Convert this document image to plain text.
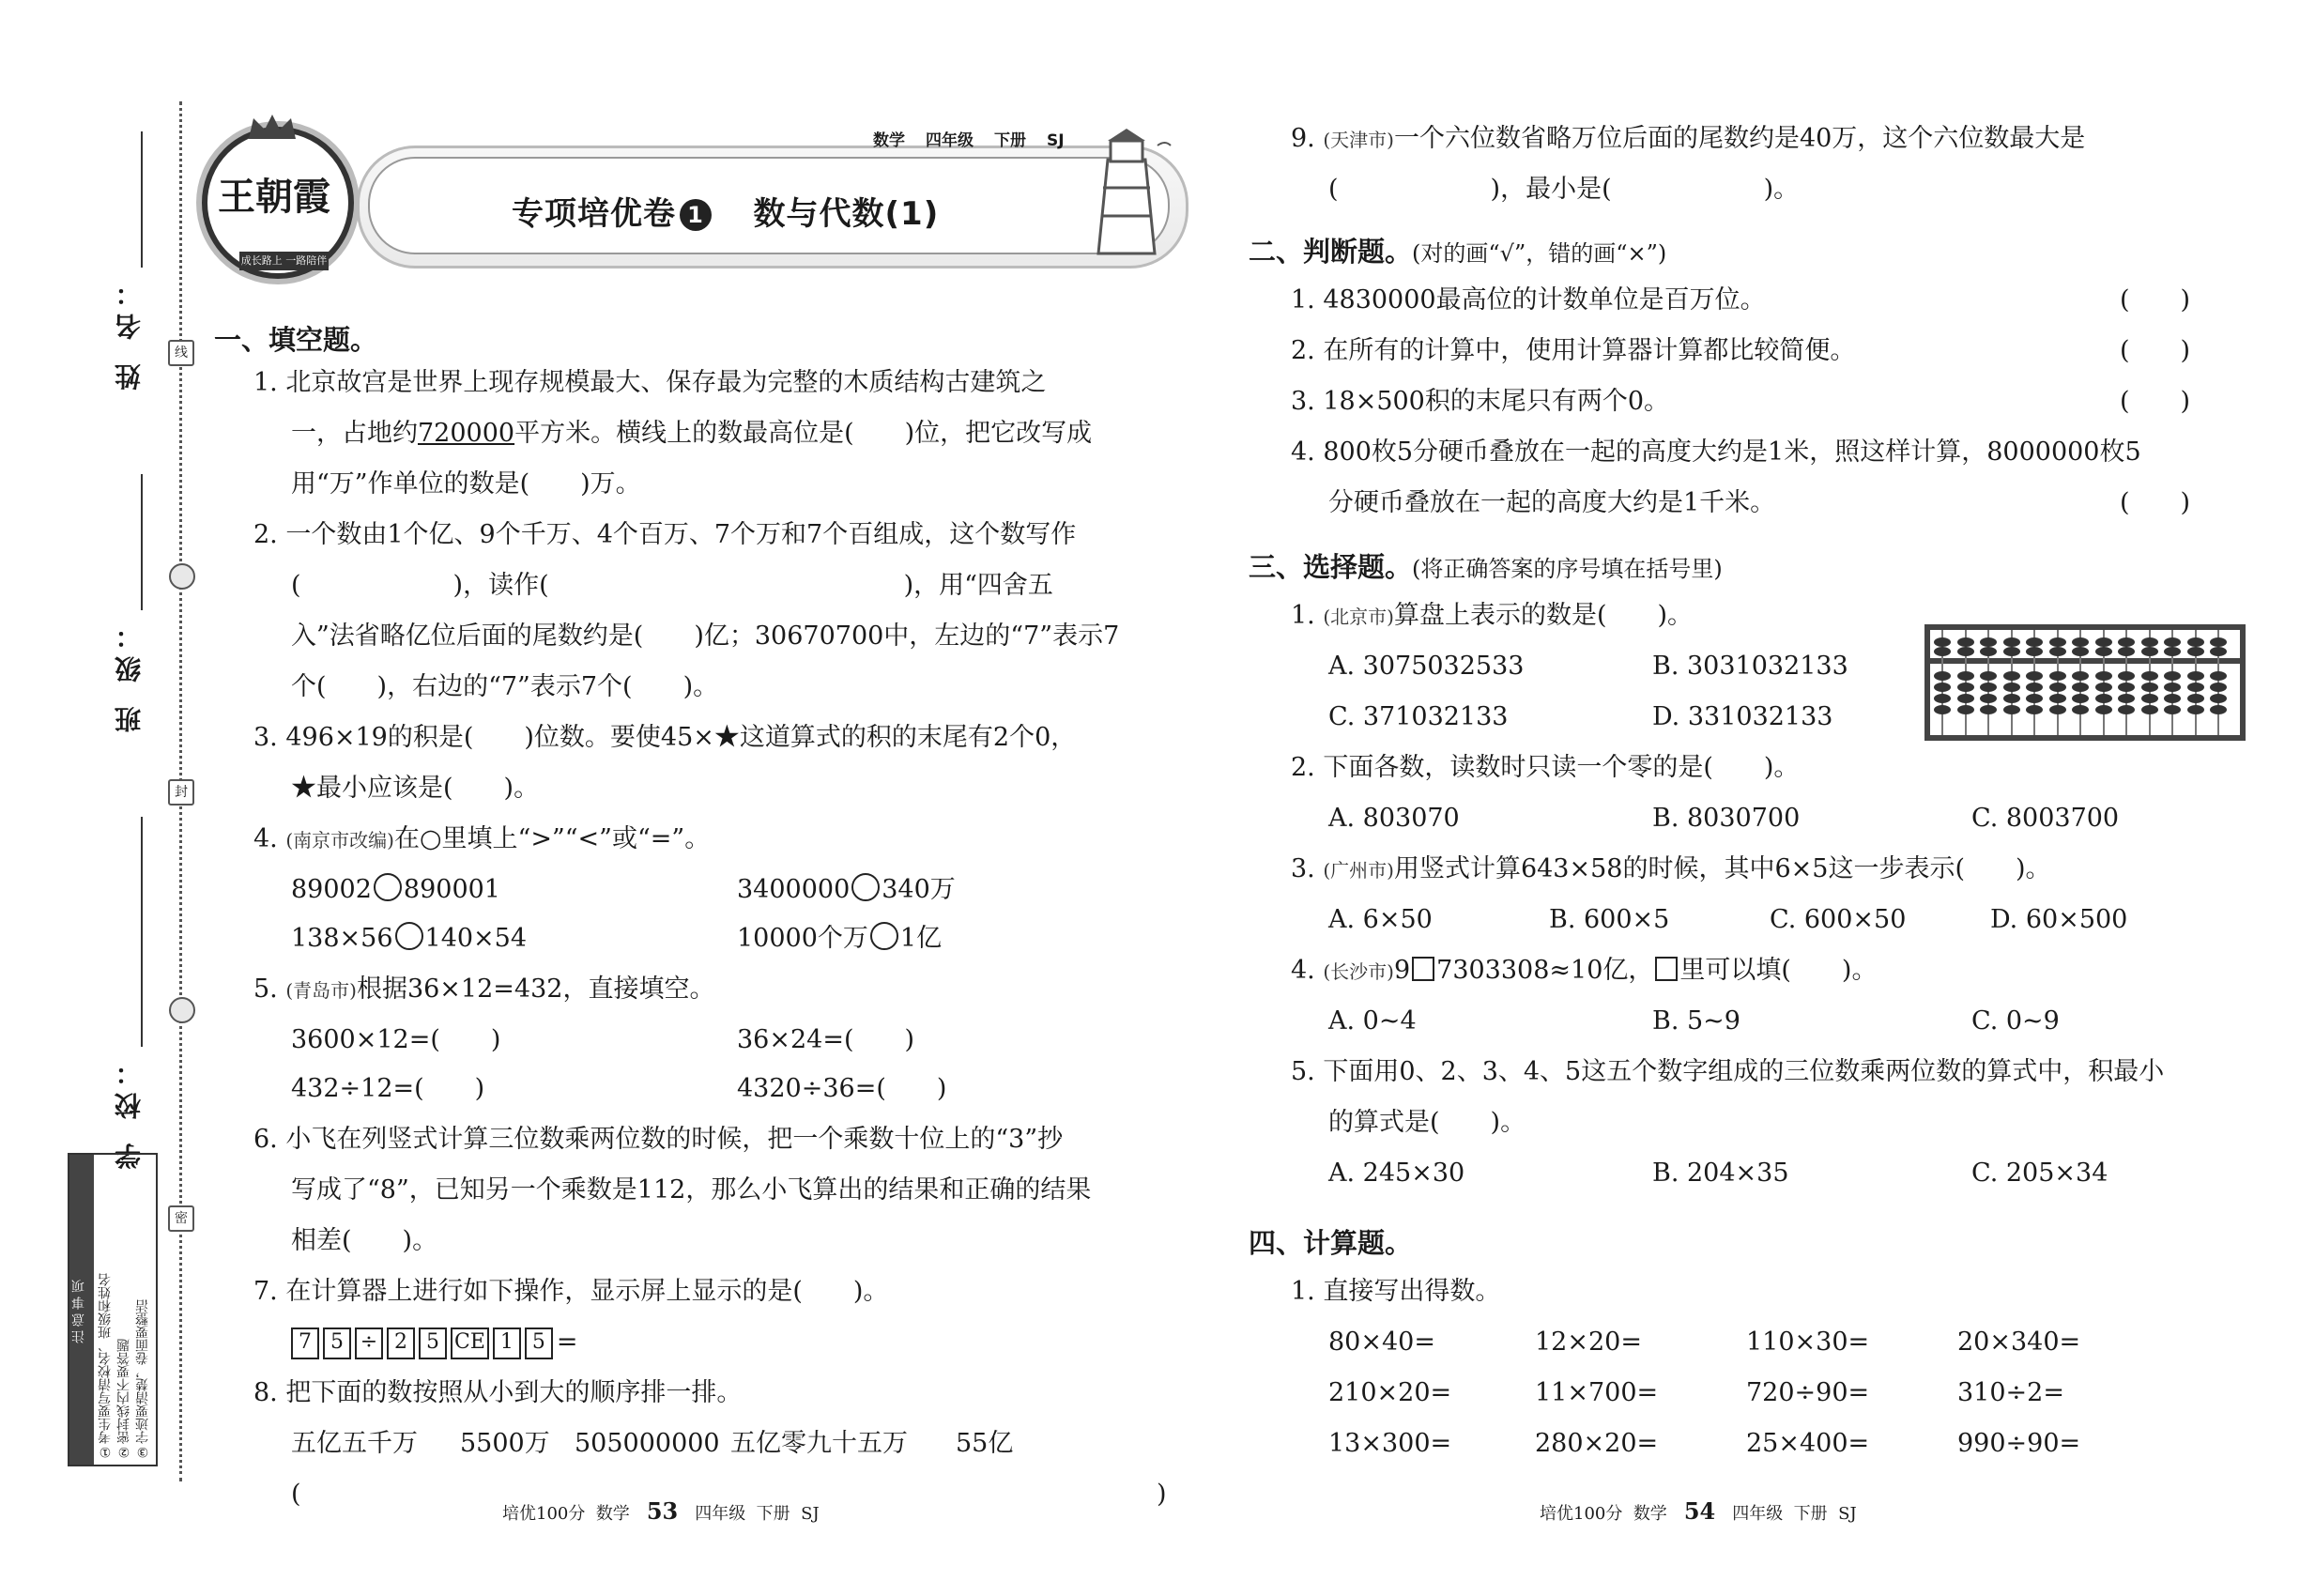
线
封
密
姓 名：
班 级：
学 校：
注意事项 ①考生要写清校名、班级和姓名 ②密封线内不要答题 ③字迹要清楚，卷面要整洁
王朝霞
成长路上 一路陪伴
数学 四年级 下册 SJ
专项培优卷 1 数与代数(1)
一、填空题。
1. 北京故宫是世界上现存规模最大、保存最为完整的木质结构古建筑之
一，占地约720000平方米。横线上的数最高位是(　　)位，把它改写成
用“万”作单位的数是(　　)万。
2. 一个数由1个亿、9个千万、4个百万、7个万和7个百组成，这个数写作
(　　　　　　)，读作(　　　　　　　　　　　　　　)，用“四舍五
入”法省略亿位后面的尾数约是(　　)亿；30670700中，左边的“7”表示7
个(　　)，右边的“7”表示7个(　　)。
3. 496×19的积是(　　)位数。要使45×★这道算式的积的末尾有2个0，
★最小应该是(　　)。
4. (南京市改编)在○里填上“>”“<”或“=”。
89002 890001	3400000 340万
138×56 140×54	10000个万 1亿
5. (青岛市)根据36×12=432，直接填空。
3600×12=(　　)	36×24=(　　)
432÷12=(　　)	4320÷36=(　　)
6. 小飞在列竖式计算三位数乘两位数的时候，把一个乘数十位上的“3”抄
写成了“8”，已知另一个乘数是112，那么小飞算出的结果和正确的结果
相差(　　)。
7. 在计算器上进行如下操作，显示屏上显示的是(　　)。
7 5 ÷ 2 5 CE 1 5 =
8. 把下面的数按照从小到大的顺序排一排。
五亿五千万 5500万 505000000 五亿零九十五万 55亿
(	)
培优100分 数学 53 四年级 下册 SJ
9. (天津市)一个六位数省略万位后面的尾数约是40万，这个六位数最大是
(　　　　　　)，最小是(　　　　　　)。
二、判断题。(对的画“√”，错的画“×”)
1. 4830000最高位的计数单位是百万位。	(　　)
2. 在所有的计算中，使用计算器计算都比较简便。	(　　)
3. 18×500积的末尾只有两个0。	(　　)
4. 800枚5分硬币叠放在一起的高度大约是1米，照这样计算，8000000枚5
分硬币叠放在一起的高度大约是1千米。	(　　)
三、选择题。(将正确答案的序号填在括号里)
1. (北京市)算盘上表示的数是(　　)。
A. 3075032533	B. 3031032133
C. 371032133	D. 331032133
2. 下面各数，读数时只读一个零的是(　　)。
A. 803070	B. 8030700	C. 8003700
3. (广州市)用竖式计算643×58的时候，其中6×5这一步表示(　　)。
A. 6×50	B. 600×5	C. 600×50	D. 60×500
4. (长沙市)9 7303308≈10亿， 里可以填(　　)。
A. 0~4	B. 5~9	C. 0~9
5. 下面用0、2、3、4、5这五个数字组成的三位数乘两位数的算式中，积最小
的算式是(　　)。
A. 245×30	B. 204×35	C. 205×34
四、计算题。
1. 直接写出得数。
80×40=	12×20=	110×30=	20×340=
210×20=	11×700=	720÷90=	310÷2=
13×300=	280×20=	25×400=	990÷90=
培优100分 数学 54 四年级 下册 SJ
